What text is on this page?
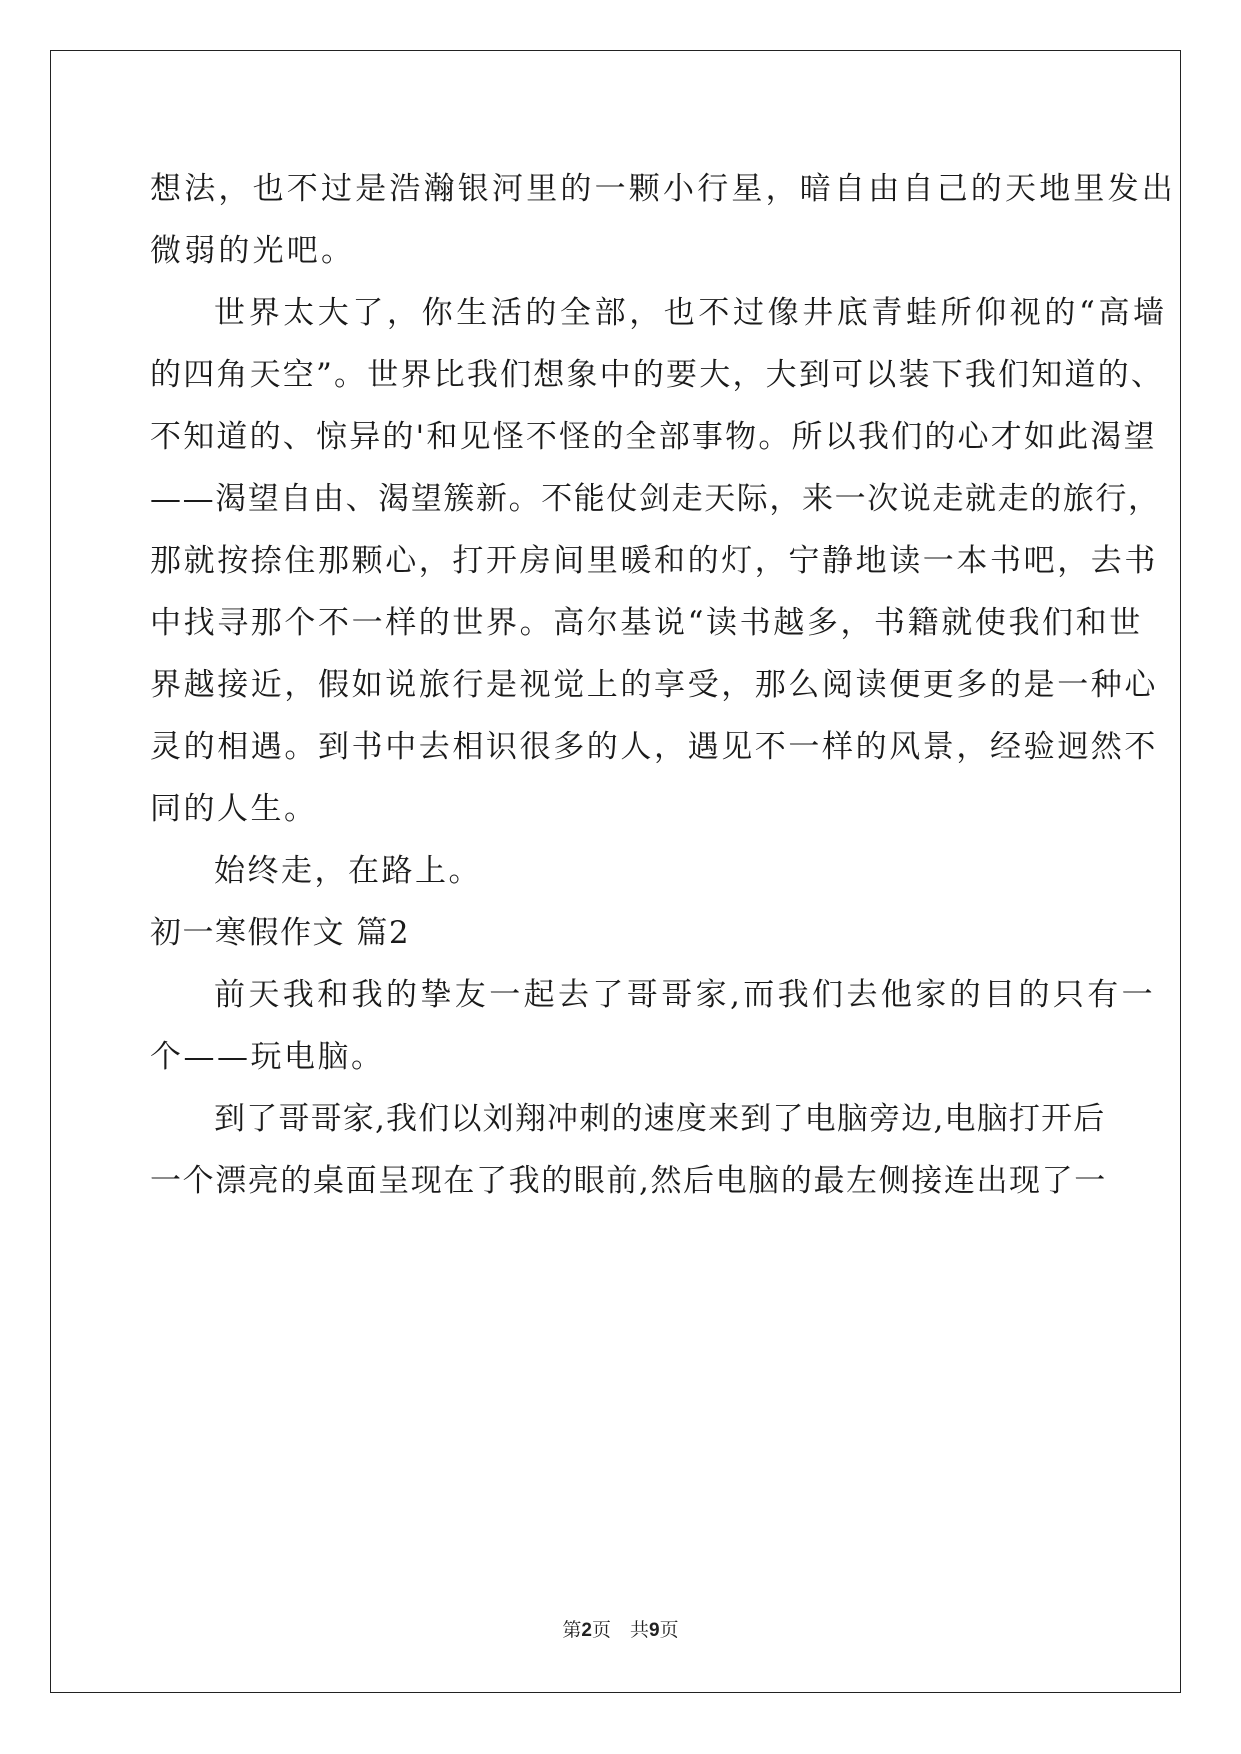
想法，也不过是浩瀚银河里的一颗小行星，暗自由自己的天地里发出
微弱的光吧。
世界太大了，你生活的全部，也不过像井底青蛙所仰视的“高墙
的四角天空”。世界比我们想象中的要大，大到可以装下我们知道的、
不知道的、惊异的'和见怪不怪的全部事物。所以我们的心才如此渴望
——渴望自由、渴望簇新。不能仗剑走天际，来一次说走就走的旅行，
那就按捺住那颗心，打开房间里暖和的灯，宁静地读一本书吧，去书
中找寻那个不一样的世界。高尔基说“读书越多，书籍就使我们和世
界越接近，假如说旅行是视觉上的享受，那么阅读便更多的是一种心
灵的相遇。到书中去相识很多的人，遇见不一样的风景，经验迥然不
同的人生。
始终走，在路上。
初一寒假作文 篇2
前天我和我的挚友一起去了哥哥家,而我们去他家的目的只有一
个——玩电脑。
到了哥哥家,我们以刘翔冲刺的速度来到了电脑旁边,电脑打开后
一个漂亮的桌面呈现在了我的眼前,然后电脑的最左侧接连出现了一
第2页　共9页
